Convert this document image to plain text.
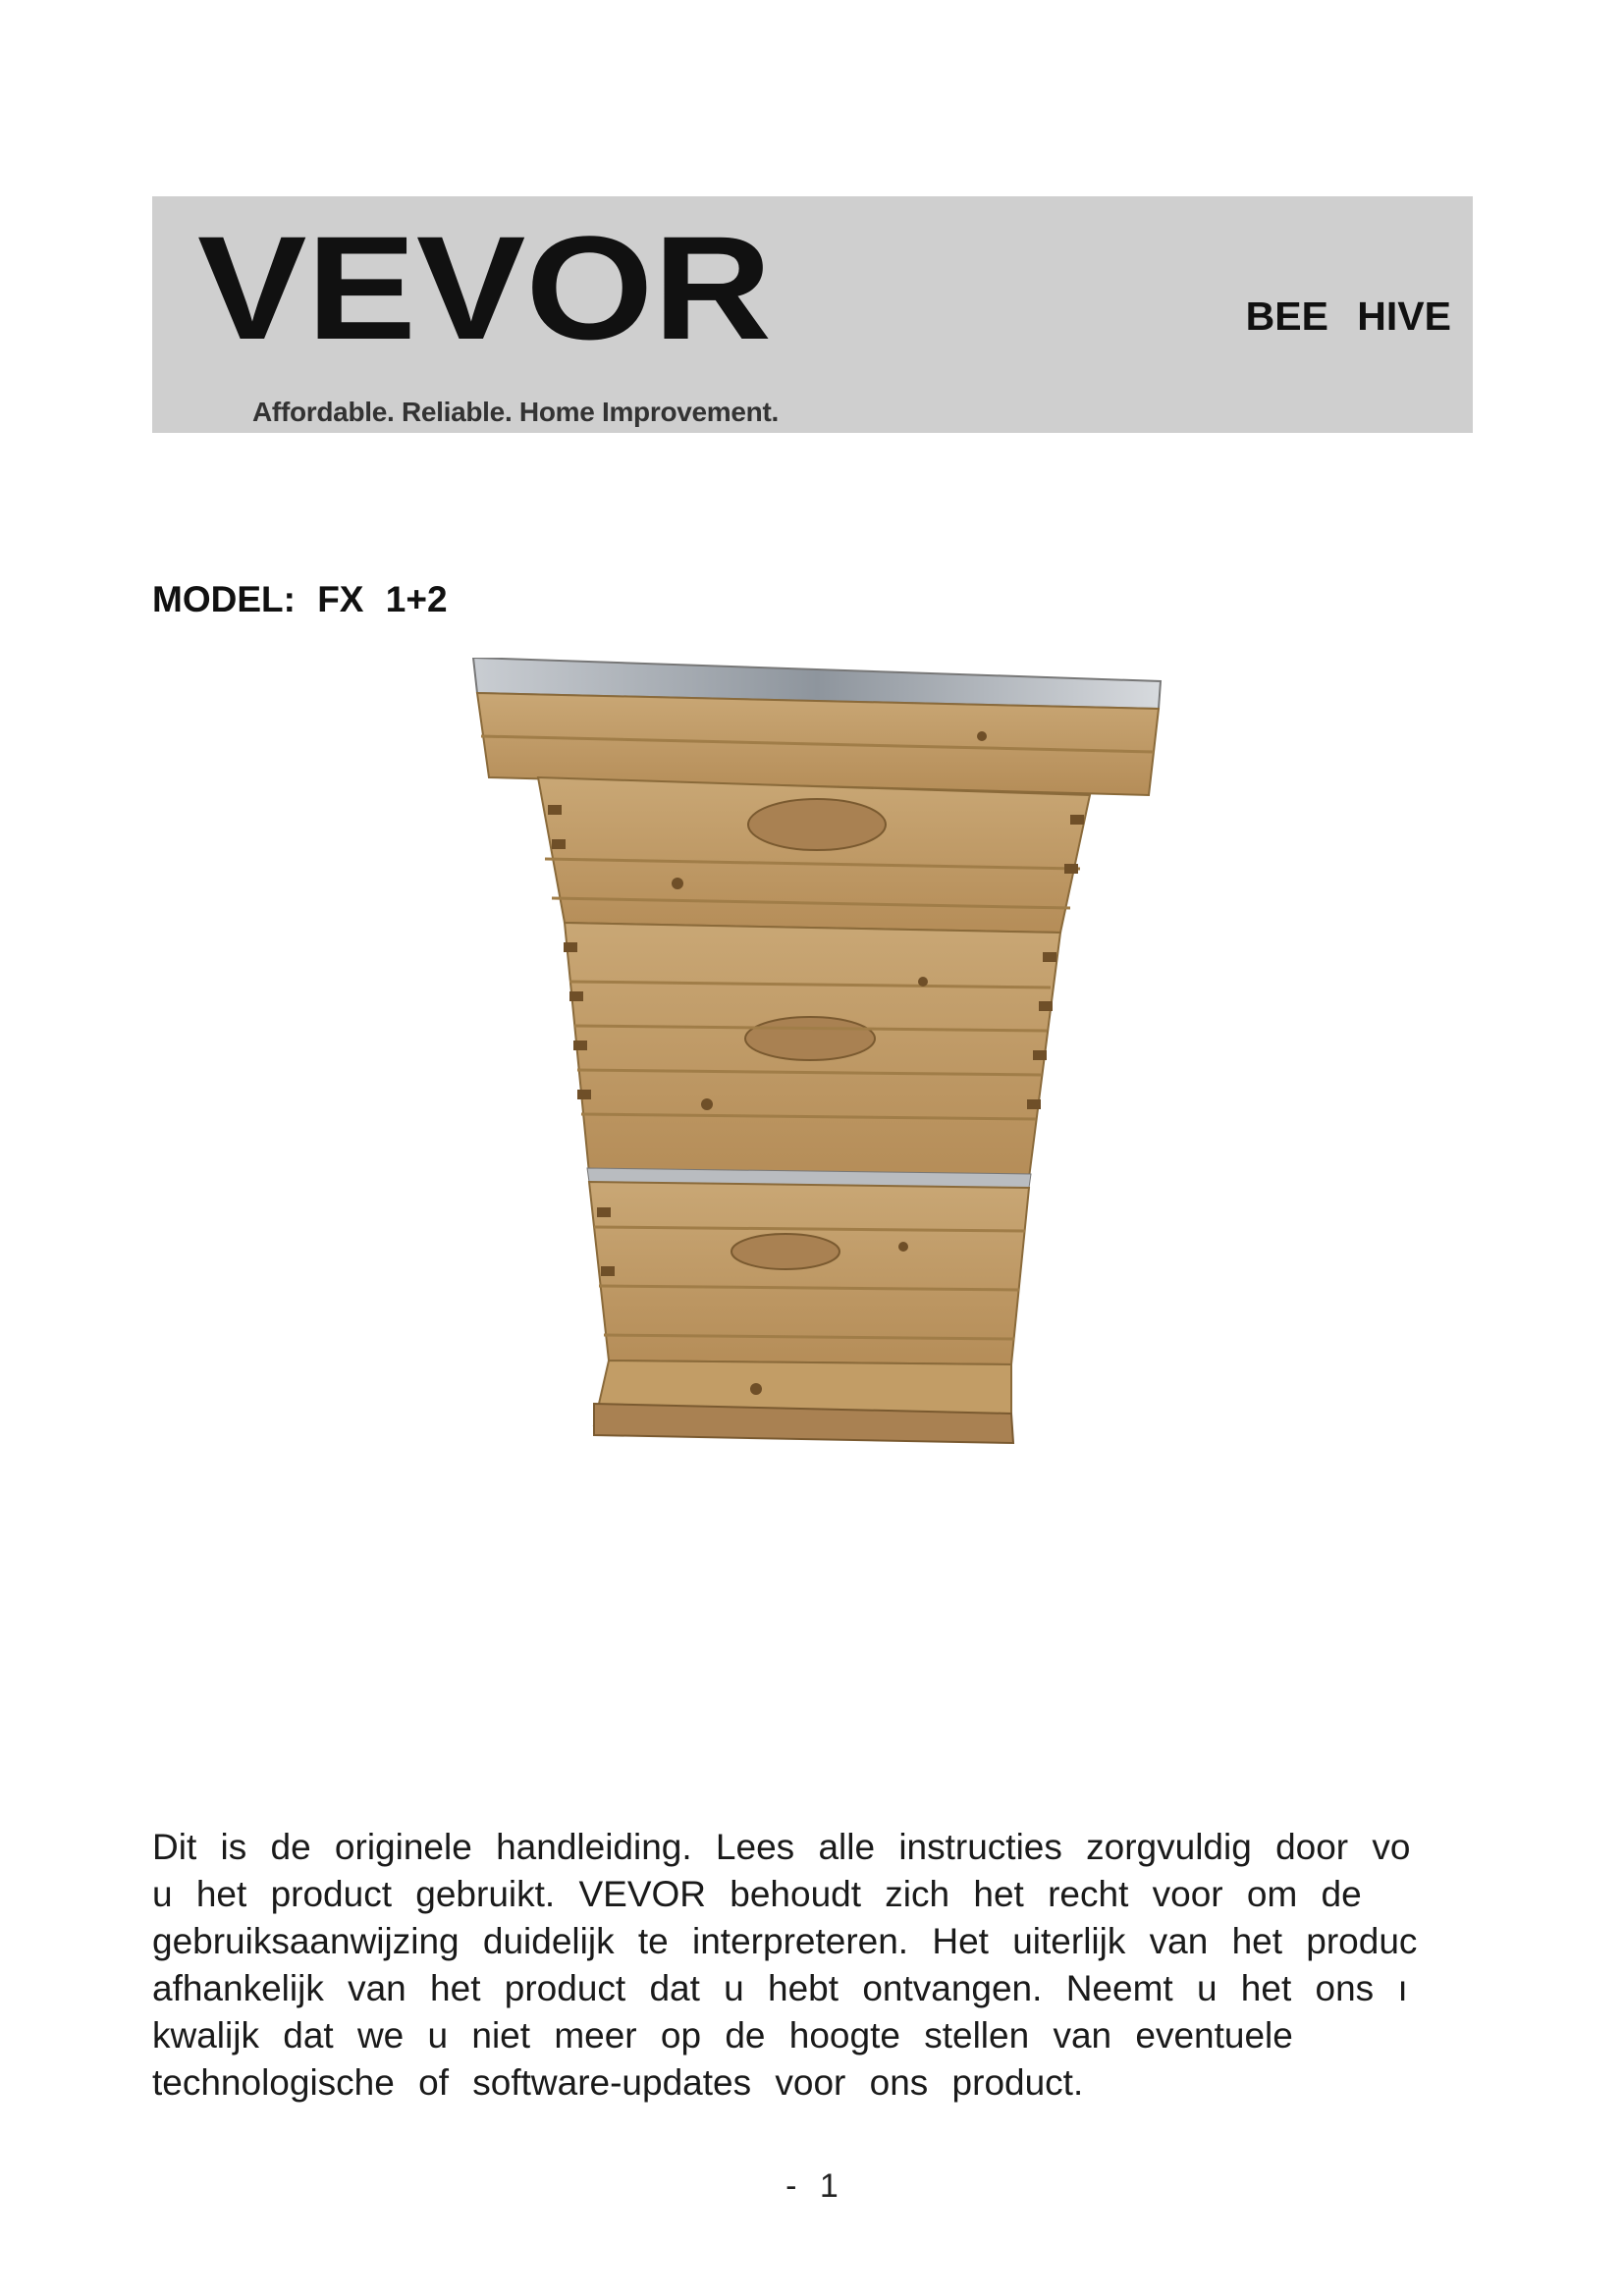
VEVOR
Affordable. Reliable. Home Improvement.
BEE HIVE
MODEL: FX 1+2
Dit is de originele handleiding. Lees alle instructies zorgvuldig door vo
u het product gebruikt. VEVOR behoudt zich het recht voor om de
gebruiksaanwijzing duidelijk te interpreteren. Het uiterlijk van het produc
afhankelijk van het product dat u hebt ontvangen. Neemt u het ons ı
kwalijk dat we u niet meer op de hoogte stellen van eventuele
technologische of software-updates voor ons product.
- 1
